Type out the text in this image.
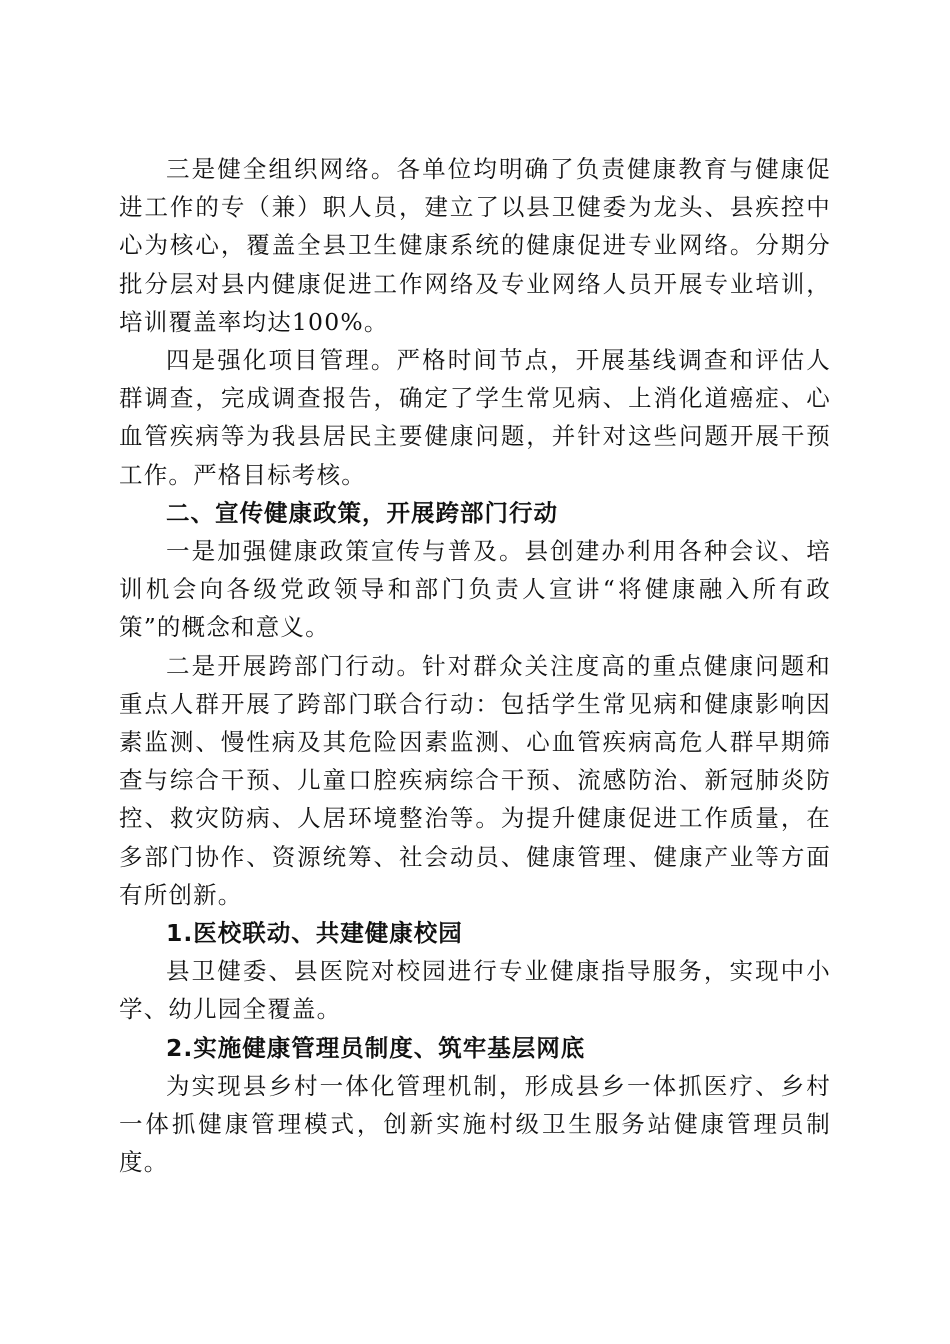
三是健全组织网络。各单位均明确了负责健康教育与健康促进工作的专（兼）职人员，建立了以县卫健委为龙头、县疾控中心为核心，覆盖全县卫生健康系统的健康促进专业网络。分期分批分层对县内健康促进工作网络及专业网络人员开展专业培训，培训覆盖率均达100%。

四是强化项目管理。严格时间节点，开展基线调查和评估人群调查，完成调查报告，确定了学生常见病、上消化道癌症、心血管疾病等为我县居民主要健康问题，并针对这些问题开展干预工作。严格目标考核。

二、宣传健康政策，开展跨部门行动

一是加强健康政策宣传与普及。县创建办利用各种会议、培训机会向各级党政领导和部门负责人宣讲“将健康融入所有政策”的概念和意义。

二是开展跨部门行动。针对群众关注度高的重点健康问题和重点人群开展了跨部门联合行动：包括学生常见病和健康影响因素监测、慢性病及其危险因素监测、心血管疾病高危人群早期筛查与综合干预、儿童口腔疾病综合干预、流感防治、新冠肺炎防控、救灾防病、人居环境整治等。为提升健康促进工作质量，在多部门协作、资源统筹、社会动员、健康管理、健康产业等方面有所创新。

1.医校联动、共建健康校园

县卫健委、县医院对校园进行专业健康指导服务，实现中小学、幼儿园全覆盖。

2.实施健康管理员制度、筑牢基层网底

为实现县乡村一体化管理机制，形成县乡一体抓医疗、乡村一体抓健康管理模式，创新实施村级卫生服务站健康管理员制度。
